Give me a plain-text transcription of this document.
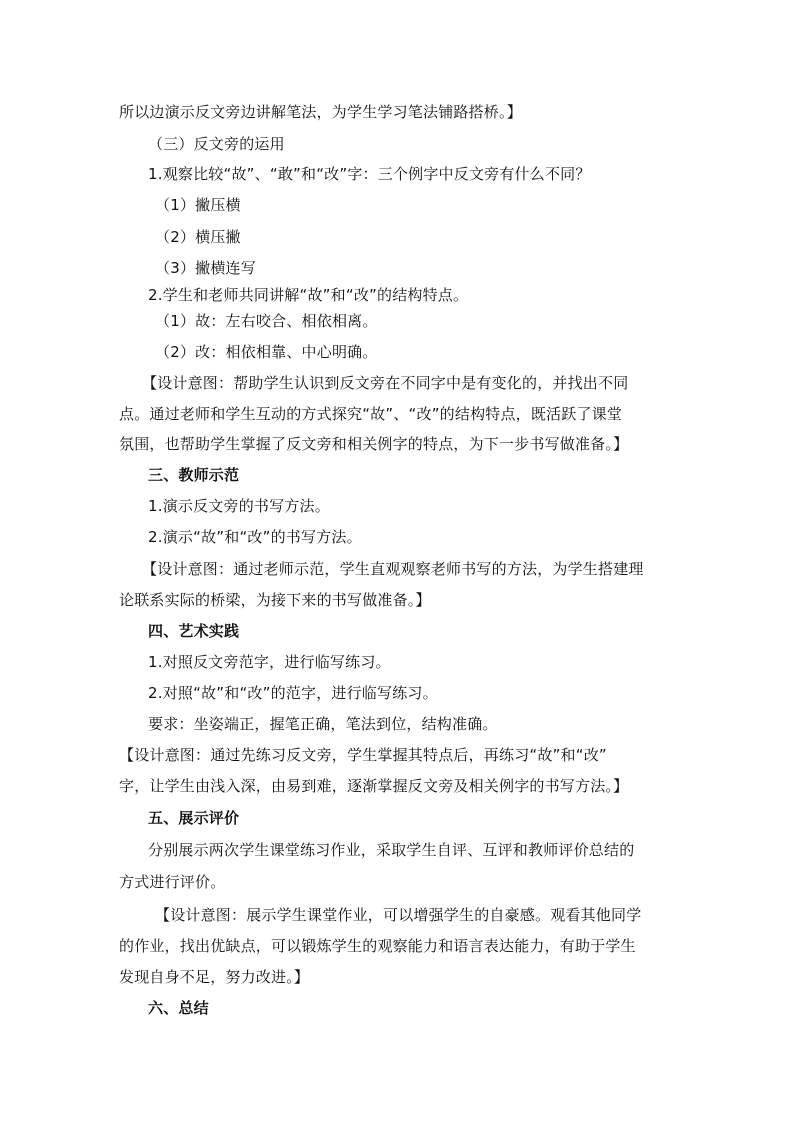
所以边演示反文旁边讲解笔法，为学生学习笔法铺路搭桥。】
（三）反文旁的运用
1.观察比较“故”、“敢”和“改”字：三个例字中反文旁有什么不同？
（1）撇压横
（2）横压撇
（3）撇横连写
2.学生和老师共同讲解“故”和“改”的结构特点。
（1）故：左右咬合、相依相离。
（2）改：相依相靠、中心明确。
【设计意图：帮助学生认识到反文旁在不同字中是有变化的，并找出不同
点。通过老师和学生互动的方式探究“故”、“改”的结构特点，既活跃了课堂
氛围，也帮助学生掌握了反文旁和相关例字的特点，为下一步书写做准备。】
三、教师示范
1.演示反文旁的书写方法。
2.演示“故”和“改”的书写方法。
【设计意图：通过老师示范，学生直观观察老师书写的方法，为学生搭建理
论联系实际的桥梁，为接下来的书写做准备。】
四、艺术实践
1.对照反文旁范字，进行临写练习。
2.对照“故”和“改”的范字，进行临写练习。
要求：坐姿端正，握笔正确，笔法到位，结构准确。
【设计意图：通过先练习反文旁，学生掌握其特点后，再练习“故”和“改”
字，让学生由浅入深，由易到难，逐渐掌握反文旁及相关例字的书写方法。】
五、展示评价
分别展示两次学生课堂练习作业，采取学生自评、互评和教师评价总结的
方式进行评价。
【设计意图：展示学生课堂作业，可以增强学生的自豪感。观看其他同学
的作业，找出优缺点，可以锻炼学生的观察能力和语言表达能力，有助于学生
发现自身不足，努力改进。】
六、总结
